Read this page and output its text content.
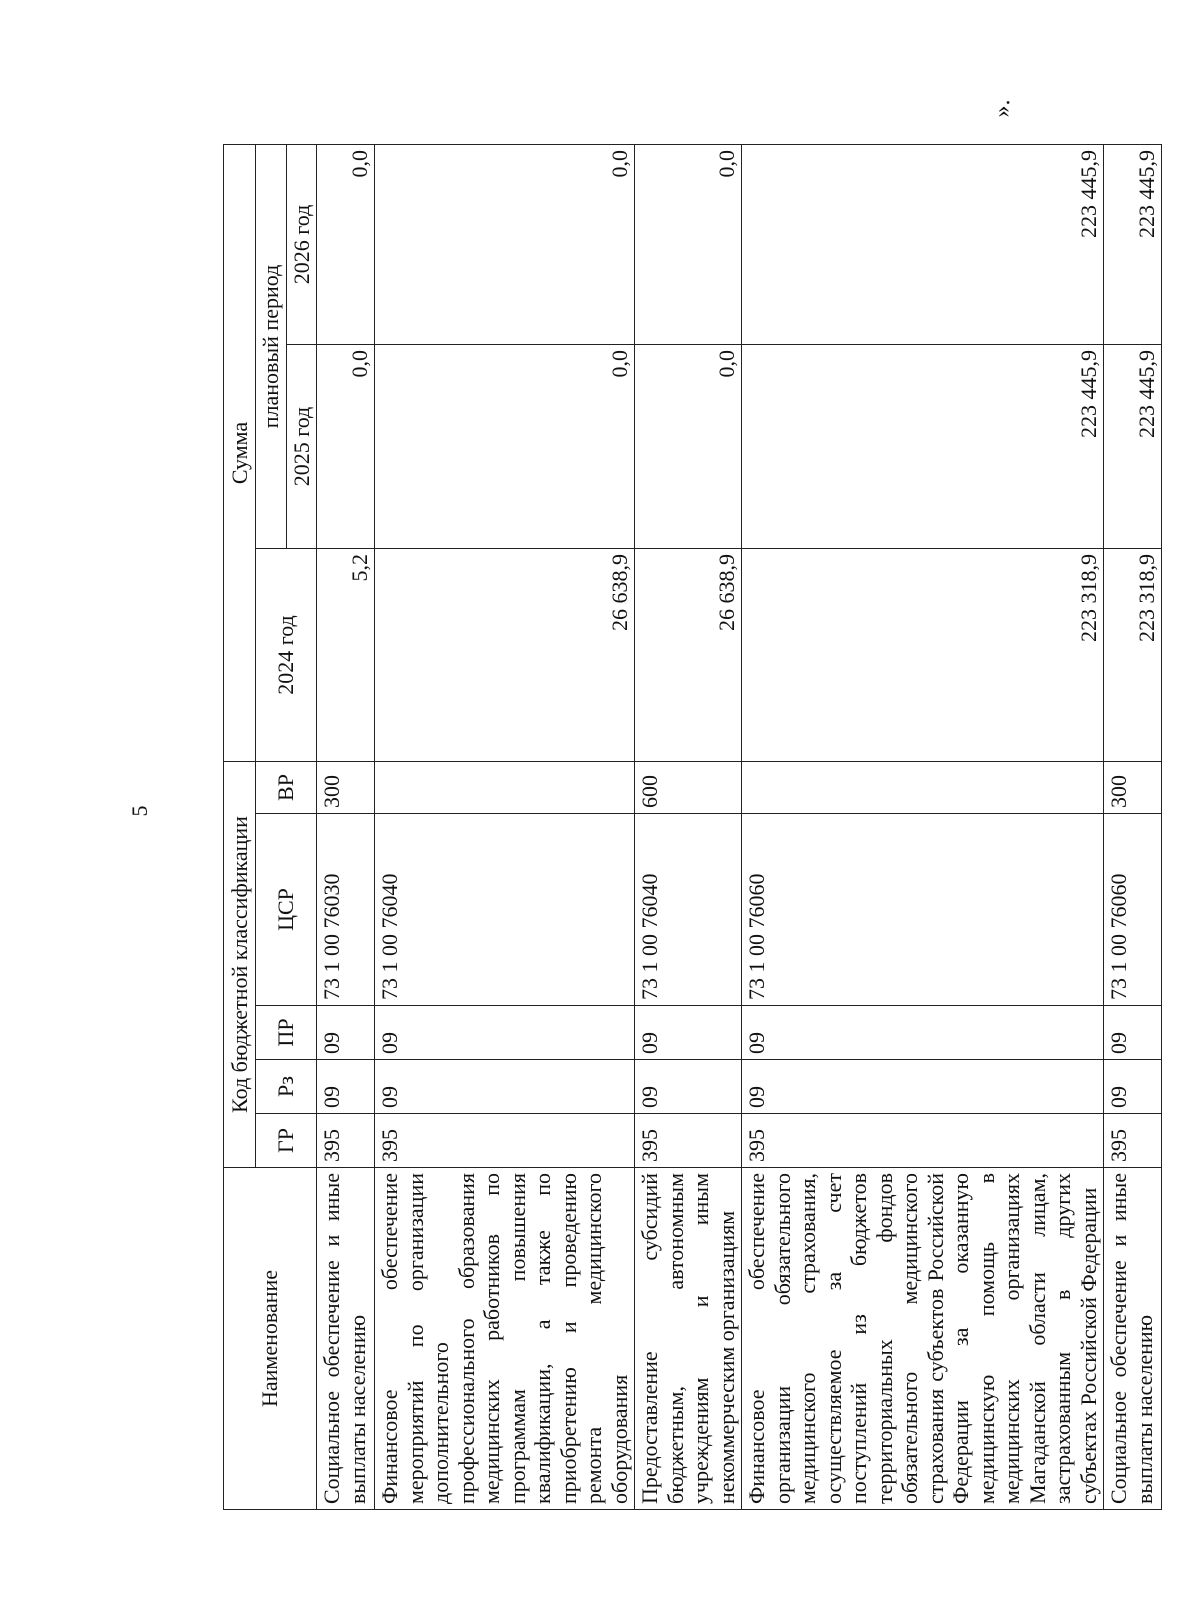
5
Наименование	Код бюджетной классификации					Сумма		
	ГР	Рз	ПР	ЦСР	ВР	2024 год	плановый период	
							2025 год	2026 год
Социальное обеспечение и иные выплаты населению	395	09	09	73 1 00 76030	300	5,2	0,0	0,0
Финансовое обеспечение мероприятий по организации дополнительного профессионального образования медицинских работников по программам повышения квалификации, а также по приобретению и проведению ремонта медицинского оборудования	395	09	09	73 1 00 76040		26 638,9	0,0	0,0
Предоставление субсидий бюджетным, автономным учреждениям и иным некоммерческим организациям	395	09	09	73 1 00 76040	600	26 638,9	0,0	0,0
Финансовое обеспечение организации обязательного медицинского страхования, осуществляемое за счет поступлений из бюджетов территориальных фондов обязательного медицинского страхования субъектов Российской Федерации за оказанную медицинскую помощь в медицинских организациях Магаданской области лицам, застрахованным в других субъектах Российской Федерации	395	09	09	73 1 00 76060		223 318,9	223 445,9	223 445,9
Социальное обеспечение и иные выплаты населению	395	09	09	73 1 00 76060	300	223 318,9	223 445,9	223 445,9
».
